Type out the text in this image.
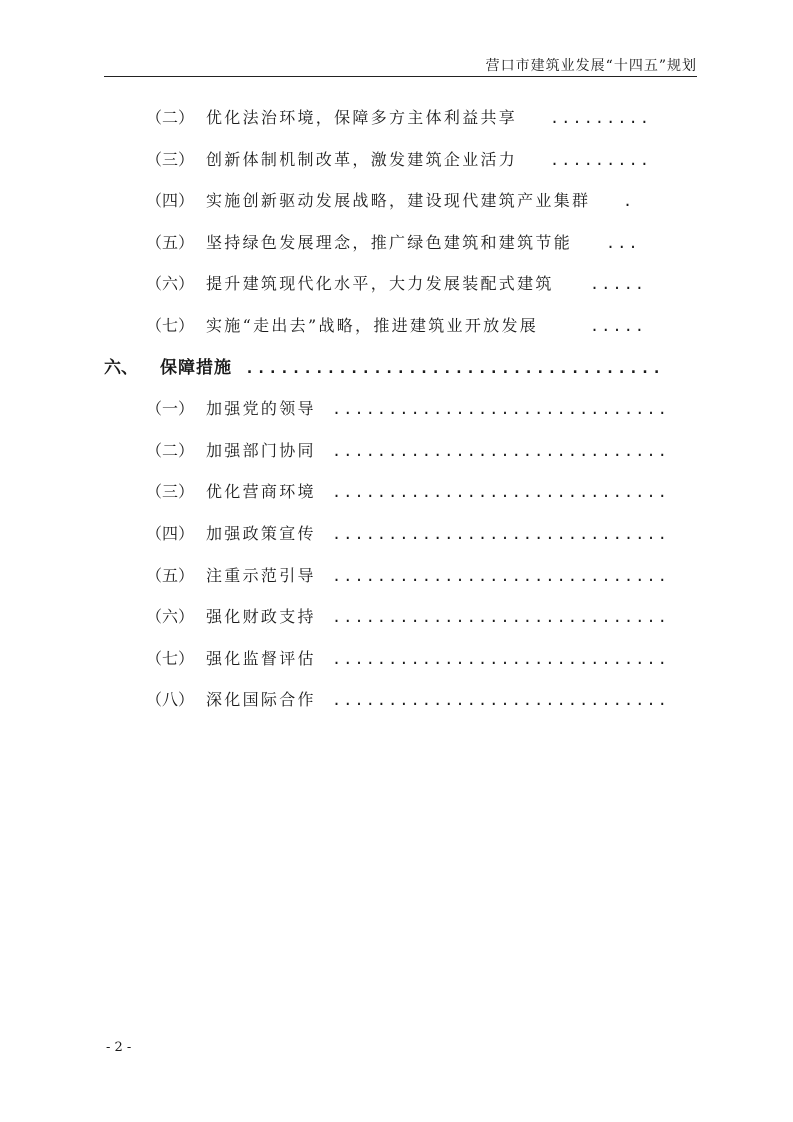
营口市建筑业发展“十四五”规划
（二） 优化法治环境，保障多方主体利益共享 .........
（三） 创新体制机制改革，激发建筑企业活力 .........
（四） 实施创新驱动发展战略，建设现代建筑产业集群 .
（五） 坚持绿色发展理念，推广绿色建筑和建筑节能 ...
（六） 提升建筑现代化水平，大力发展装配式建筑 .....
（七） 实施“走出去”战略，推进建筑业开放发展	.....
六、 保障措施 ....................................
（一） 加强党的领导 ..............................
（二） 加强部门协同 ..............................
（三） 优化营商环境 ..............................
（四） 加强政策宣传 ..............................
（五） 注重示范引导 ..............................
（六） 强化财政支持 ..............................
（七） 强化监督评估 ..............................
（八） 深化国际合作 ..............................
- 2 -
